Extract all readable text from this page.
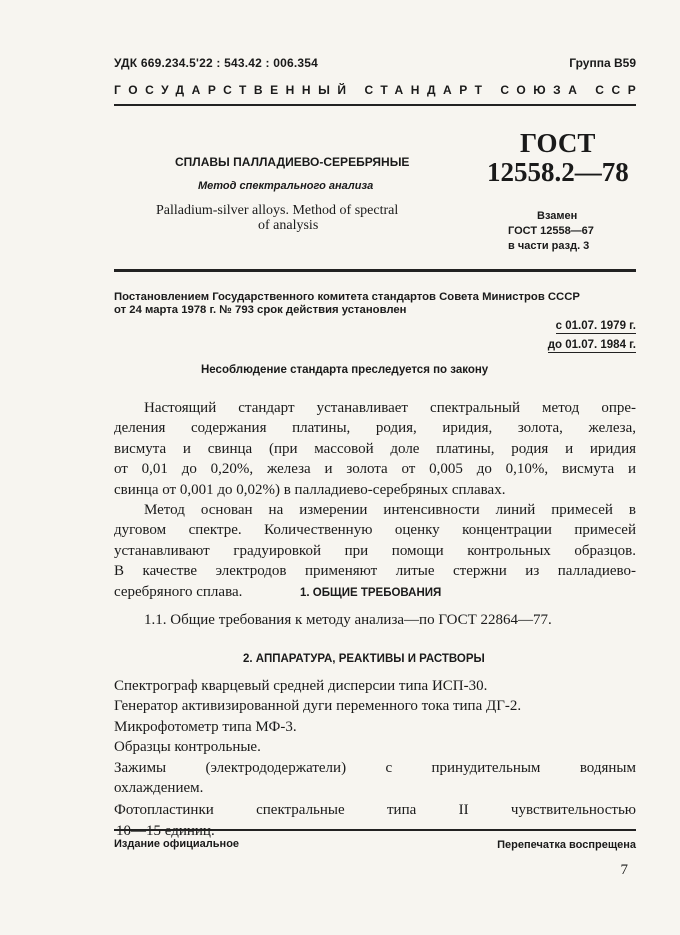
УДК 669.234.5'22 : 543.42 : 006.354	Группа В59
ГОСУДАРСТВЕННЫЙ СТАНДАРТ СОЮЗА ССР
СПЛАВЫ ПАЛЛАДИЕВО-СЕРЕБРЯНЫЕ
Метод спектрального анализа
Palladium-silver alloys. Method of spectral
of analysis
ГОСТ
12558.2—78
Взамен
ГОСТ 12558—67
в части разд. 3
Постановлением Государственного комитета стандартов Совета Министров СССР
от 24 марта 1978 г. № 793 срок действия установлен
с 01.07. 1979 г.
до 01.07. 1984 г.
Несоблюдение стандарта преследуется по закону
Настоящий стандарт устанавливает спектральный метод опре-
деления содержания платины, родия, иридия, золота, железа,
висмута и свинца (при массовой доле платины, родия и иридия
от 0,01 до 0,20%, железа и золота от 0,005 до 0,10%, висмута и
свинца от 0,001 до 0,02%) в палладиево-серебряных сплавах.
Метод основан на измерении интенсивности линий примесей в
дуговом спектре. Количественную оценку концентрации примесей
устанавливают градуировкой при помощи контрольных образцов.
В качестве электродов применяют литые стержни из палладиево-
серебряного сплава.	1. ОБЩИЕ ТРЕБОВАНИЯ
1.1. Общие требования к методу анализа—по ГОСТ 22864—77.
2. АППАРАТУРА, РЕАКТИВЫ И РАСТВОРЫ
Спектрограф кварцевый средней дисперсии типа ИСП-30.
Генератор активизированной дуги переменного тока типа ДГ-2.
Микрофотометр типа МФ-3.
Образцы контрольные.
Зажимы (электрододержатели) с принудительным водяным
охлаждением.
Фотопластинки спектральные типа II чувствительностью
Издание официальное	Перепечатка воспрещена
7
